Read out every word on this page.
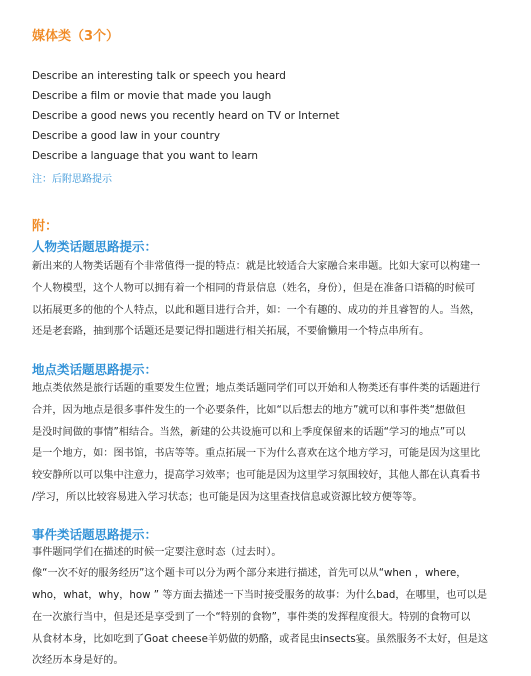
媒体类（3个）
Describe an interesting talk or speech you heard
Describe a film or movie that made you laugh
Describe a good news you recently heard on TV or Internet
Describe a good law in your country
Describe a language that you want to learn
注：后附思路提示
附：
人物类话题思路提示：
新出来的人物类话题有个非常值得一提的特点：就是比较适合大家融合来串题。比如大家可以构建一
个人物模型，这个人物可以拥有着一个相同的背景信息（姓名，身份），但是在准备口语稿的时候可
以拓展更多的他的个人特点，以此和题目进行合并，如：一个有趣的、成功的并且睿智的人。当然，
还是老套路，抽到那个话题还是要记得扣题进行相关拓展，不要偷懒用一个特点串所有。
地点类话题思路提示：
地点类依然是旅行话题的重要发生位置；地点类话题同学们可以开始和人物类还有事件类的话题进行
合并，因为地点是很多事件发生的一个必要条件，比如“以后想去的地方”就可以和事件类“想做但
是没时间做的事情”相结合。当然，新建的公共设施可以和上季度保留来的话题“学习的地点”可以
是一个地方，如：图书馆，书店等等。重点拓展一下为什么喜欢在这个地方学习，可能是因为这里比
较安静所以可以集中注意力，提高学习效率；也可能是因为这里学习氛围较好，其他人都在认真看书
/学习，所以比较容易进入学习状态；也可能是因为这里查找信息或资源比较方便等等。
事件类话题思路提示：
事件题同学们在描述的时候一定要注意时态（过去时）。
像“一次不好的服务经历”这个题卡可以分为两个部分来进行描述，首先可以从“when ，where，
who，what，why，how ” 等方面去描述一下当时接受服务的故事：为什么bad，在哪里，也可以是
在一次旅行当中，但是还是享受到了一个“特别的食物”，事件类的发挥程度很大。特别的食物可以
从食材本身，比如吃到了Goat cheese羊奶做的奶酪，或者昆虫insects宴。虽然服务不太好，但是这
次经历本身是好的。
